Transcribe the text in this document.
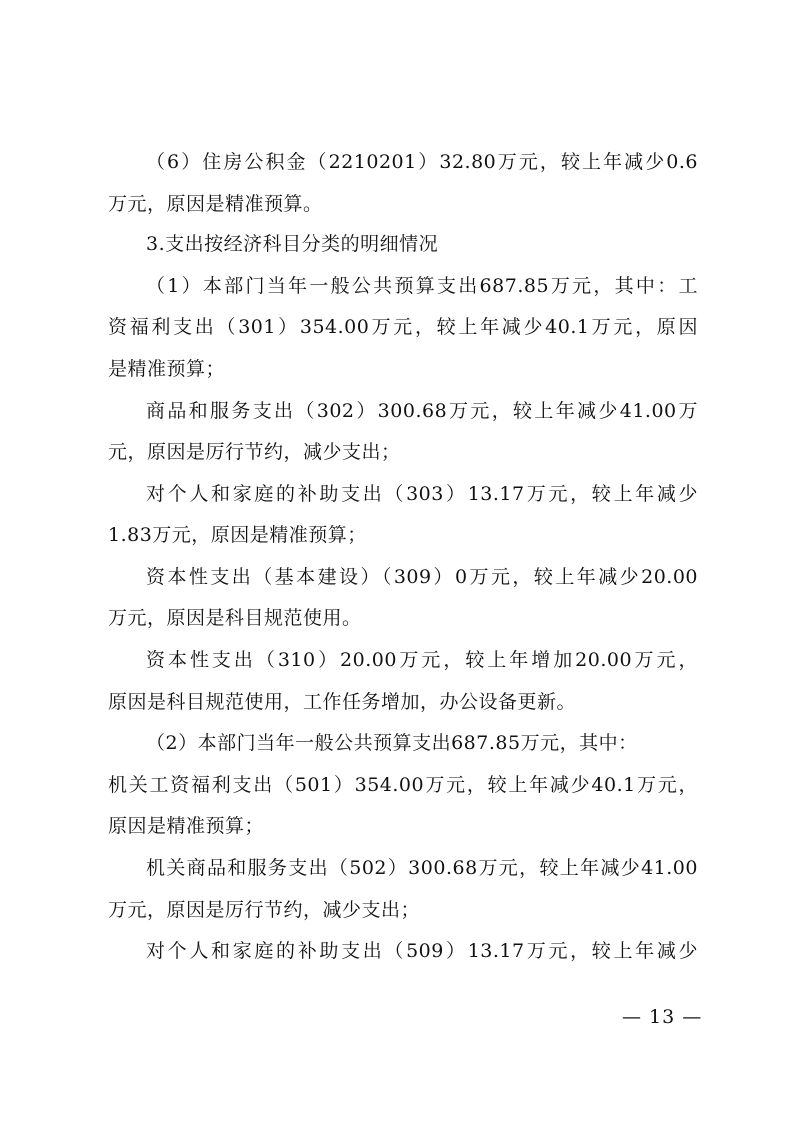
（6）住房公积金（2210201）32.80万元，较上年减少0.6
万元，原因是精准预算。
3.支出按经济科目分类的明细情况
（1）本部门当年一般公共预算支出687.85万元，其中：工
资福利支出（301）354.00万元，较上年减少40.1万元，原因
是精准预算；
商品和服务支出（302）300.68万元，较上年减少41.00万
元，原因是厉行节约，减少支出；
对个人和家庭的补助支出（303）13.17万元，较上年减少
1.83万元，原因是精准预算；
资本性支出（基本建设）（309）0万元，较上年减少20.00
万元，原因是科目规范使用。
资本性支出（310）20.00万元，较上年增加20.00万元，
原因是科目规范使用，工作任务增加，办公设备更新。
（2）本部门当年一般公共预算支出687.85万元，其中：
机关工资福利支出（501）354.00万元，较上年减少40.1万元，
原因是精准预算；
机关商品和服务支出（502）300.68万元，较上年减少41.00
万元，原因是厉行节约，减少支出；
对个人和家庭的补助支出（509）13.17万元，较上年减少
— 13 —
